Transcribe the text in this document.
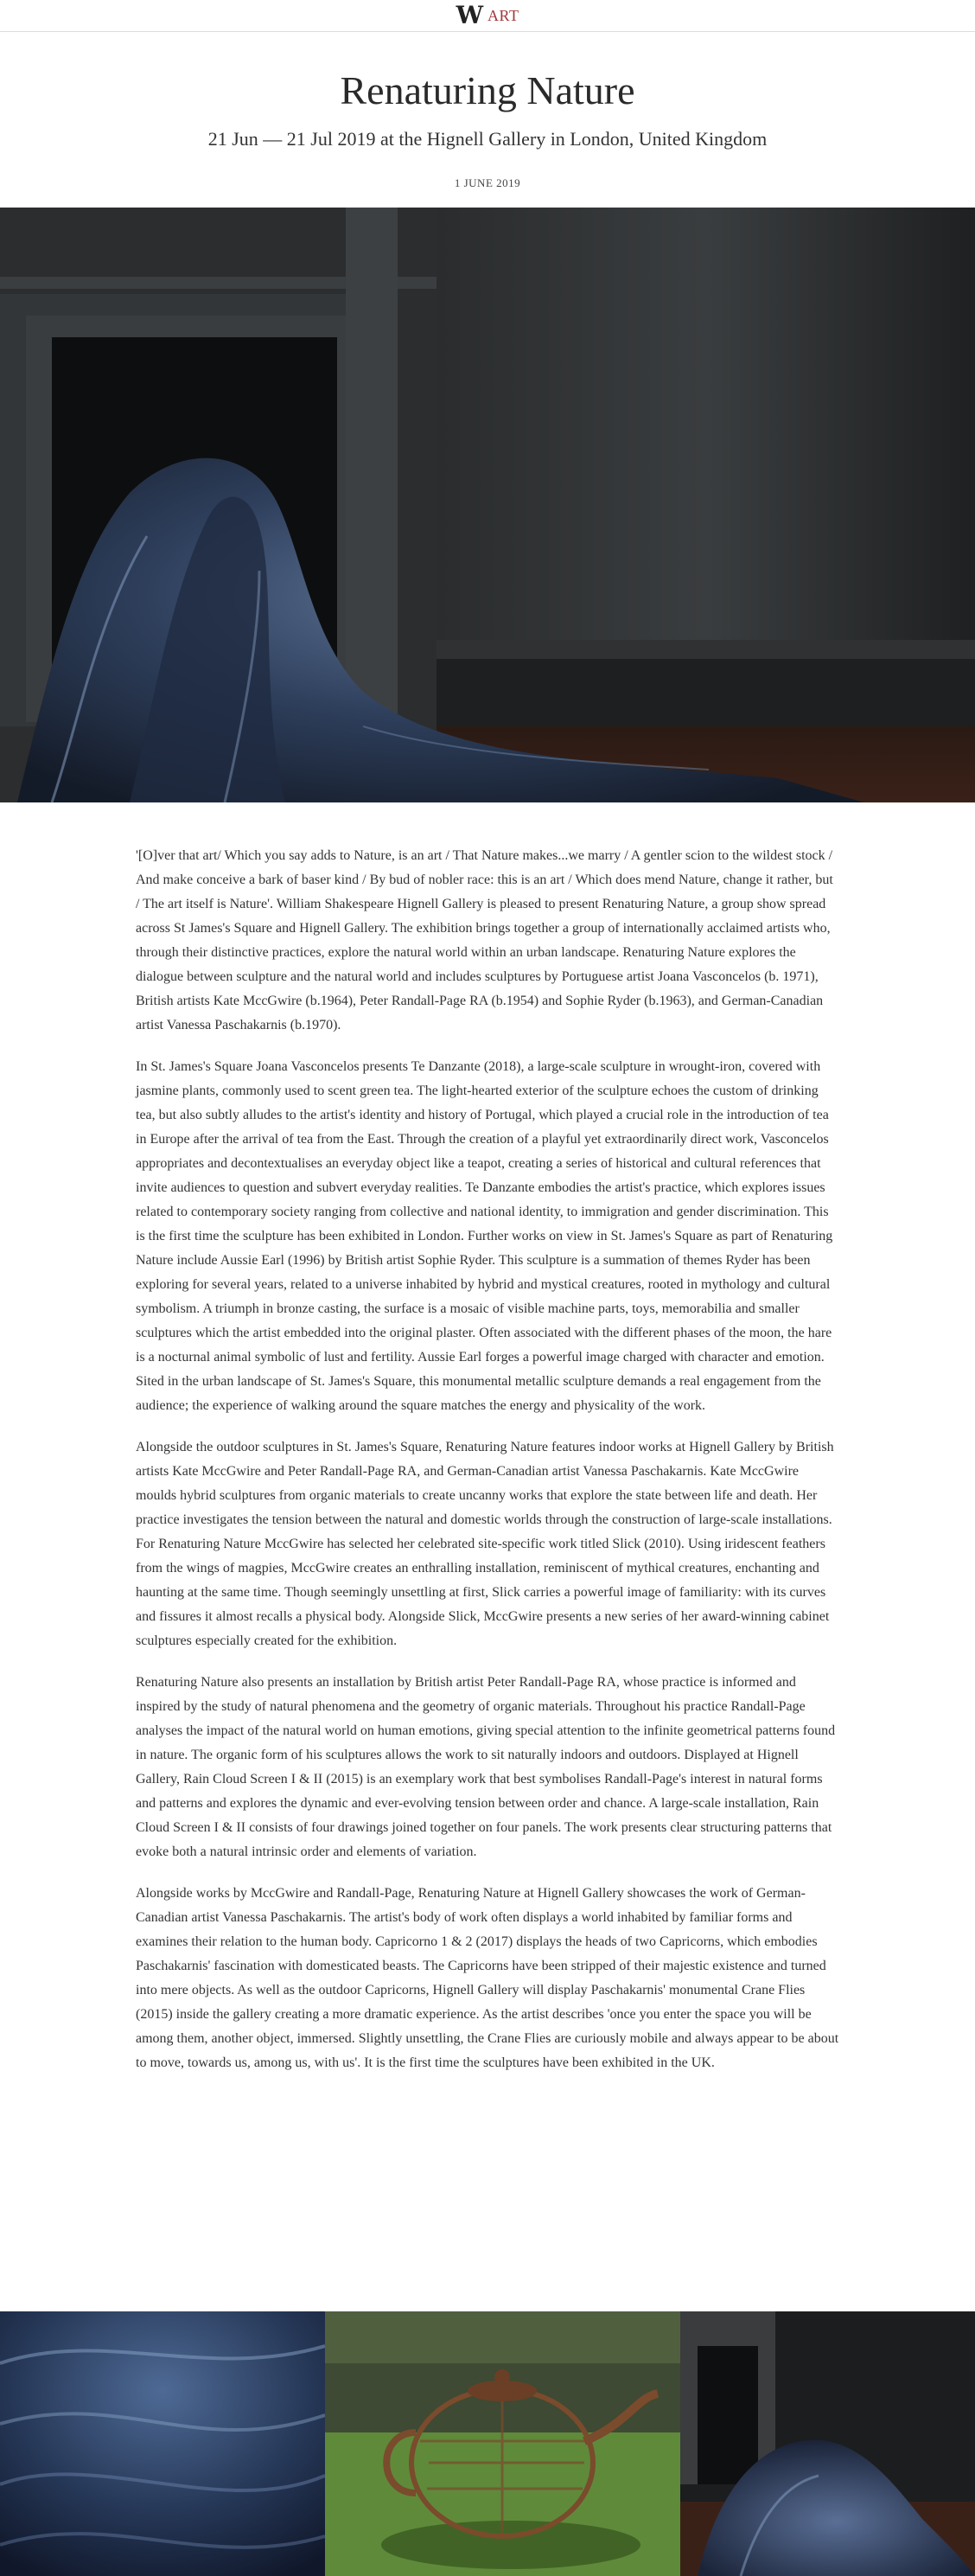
W ART
Renaturing Nature
21 Jun — 21 Jul 2019 at the Hignell Gallery in London, United Kingdom
1 JUNE 2019

'[O]ver that art/ Which you say adds to Nature, is an art / That Nature makes...we marry / A gentler scion to the wildest stock / And make conceive a bark of baser kind / By bud of nobler race: this is an art / Which does mend Nature, change it rather, but / The art itself is Nature'. William Shakespeare Hignell Gallery is pleased to present Renaturing Nature, a group show spread across St James's Square and Hignell Gallery. The exhibition brings together a group of internationally acclaimed artists who, through their distinctive practices, explore the natural world within an urban landscape. Renaturing Nature explores the dialogue between sculpture and the natural world and includes sculptures by Portuguese artist Joana Vasconcelos (b. 1971), British artists Kate MccGwire (b.1964), Peter Randall-Page RA (b.1954) and Sophie Ryder (b.1963), and German-Canadian artist Vanessa Paschakarnis (b.1970).

In St. James's Square Joana Vasconcelos presents Te Danzante (2018), a large-scale sculpture in wrought-iron, covered with jasmine plants, commonly used to scent green tea. The light-hearted exterior of the sculpture echoes the custom of drinking tea, but also subtly alludes to the artist's identity and history of Portugal, which played a crucial role in the introduction of tea in Europe after the arrival of tea from the East. Through the creation of a playful yet extraordinarily direct work, Vasconcelos appropriates and decontextualises an everyday object like a teapot, creating a series of historical and cultural references that invite audiences to question and subvert everyday realities. Te Danzante embodies the artist's practice, which explores issues related to contemporary society ranging from collective and national identity, to immigration and gender discrimination. This is the first time the sculpture has been exhibited in London. Further works on view in St. James's Square as part of Renaturing Nature include Aussie Earl (1996) by British artist Sophie Ryder. This sculpture is a summation of themes Ryder has been exploring for several years, related to a universe inhabited by hybrid and mystical creatures, rooted in mythology and cultural symbolism. A triumph in bronze casting, the surface is a mosaic of visible machine parts, toys, memorabilia and smaller sculptures which the artist embedded into the original plaster. Often associated with the different phases of the moon, the hare is a nocturnal animal symbolic of lust and fertility. Aussie Earl forges a powerful image charged with character and emotion. Sited in the urban landscape of St. James's Square, this monumental metallic sculpture demands a real engagement from the audience; the experience of walking around the square matches the energy and physicality of the work.

Alongside the outdoor sculptures in St. James's Square, Renaturing Nature features indoor works at Hignell Gallery by British artists Kate MccGwire and Peter Randall-Page RA, and German-Canadian artist Vanessa Paschakarnis. Kate MccGwire moulds hybrid sculptures from organic materials to create uncanny works that explore the state between life and death. Her practice investigates the tension between the natural and domestic worlds through the construction of large-scale installations. For Renaturing Nature MccGwire has selected her celebrated site-specific work titled Slick (2010). Using iridescent feathers from the wings of magpies, MccGwire creates an enthralling installation, reminiscent of mythical creatures, enchanting and haunting at the same time. Though seemingly unsettling at first, Slick carries a powerful image of familiarity: with its curves and fissures it almost recalls a physical body. Alongside Slick, MccGwire presents a new series of her award-winning cabinet sculptures especially created for the exhibition.

Renaturing Nature also presents an installation by British artist Peter Randall-Page RA, whose practice is informed and inspired by the study of natural phenomena and the geometry of organic materials. Throughout his practice Randall-Page analyses the impact of the natural world on human emotions, giving special attention to the infinite geometrical patterns found in nature. The organic form of his sculptures allows the work to sit naturally indoors and outdoors. Displayed at Hignell Gallery, Rain Cloud Screen I & II (2015) is an exemplary work that best symbolises Randall-Page's interest in natural forms and patterns and explores the dynamic and ever-evolving tension between order and chance. A large-scale installation, Rain Cloud Screen I & II consists of four drawings joined together on four panels. The work presents clear structuring patterns that evoke both a natural intrinsic order and elements of variation.

Alongside works by MccGwire and Randall-Page, Renaturing Nature at Hignell Gallery showcases the work of German-Canadian artist Vanessa Paschakarnis. The artist's body of work often displays a world inhabited by familiar forms and examines their relation to the human body. Capricorno 1 & 2 (2017) displays the heads of two Capricorns, which embodies Paschakarnis' fascination with domesticated beasts. The Capricorns have been stripped of their majestic existence and turned into mere objects. As well as the outdoor Capricorns, Hignell Gallery will display Paschakarnis' monumental Crane Flies (2015) inside the gallery creating a more dramatic experience. As the artist describes 'once you enter the space you will be among them, another object, immersed. Slightly unsettling, the Crane Flies are curiously mobile and always appear to be about to move, towards us, among us, with us'. It is the first time the sculptures have been exhibited in the UK.
